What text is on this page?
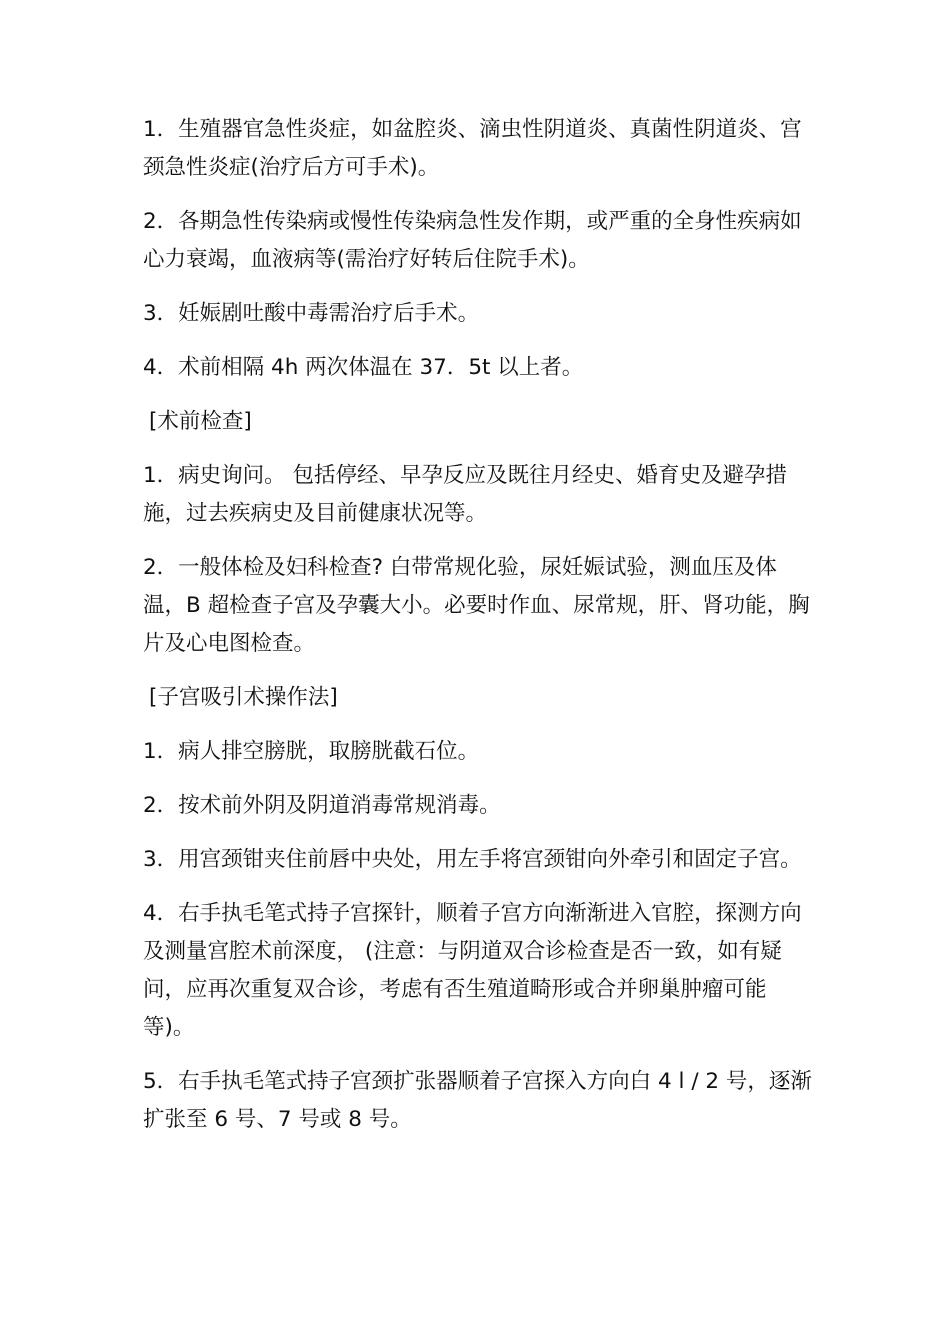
1．生殖器官急性炎症，如盆腔炎、滴虫性阴道炎、真菌性阴道炎、宫颈急性炎症(治疗后方可手术)。

2．各期急性传染病或慢性传染病急性发作期，或严重的全身性疾病如心力衰竭，血液病等(需治疗好转后住院手术)。

3．妊娠剧吐酸中毒需治疗后手术。

4．术前相隔 4h 两次体温在 37．5t 以上者。

[术前检查]

1．病史询问。 包括停经、早孕反应及既往月经史、婚育史及避孕措施，过去疾病史及目前健康状况等。

2．一般体检及妇科检查? 白带常规化验，尿妊娠试验，测血压及体温，B 超检查子宫及孕囊大小。必要时作血、尿常规，肝、肾功能，胸片及心电图检查。

[子宫吸引术操作法]

1．病人排空膀胱，取膀胱截石位。

2．按术前外阴及阴道消毒常规消毒。

3．用宫颈钳夹住前唇中央处，用左手将宫颈钳向外牵引和固定子宫。

4．右手执毛笔式持子宫探针，顺着子宫方向渐渐进入官腔，探测方向及测量宫腔术前深度， (注意：与阴道双合诊检查是否一致，如有疑问，应再次重复双合诊，考虑有否生殖道畸形或合并卵巢肿瘤可能等)。

5．右手执毛笔式持子宫颈扩张器顺着子宫探入方向白 4 l / 2 号，逐渐扩张至 6 号、7 号或 8 号。
